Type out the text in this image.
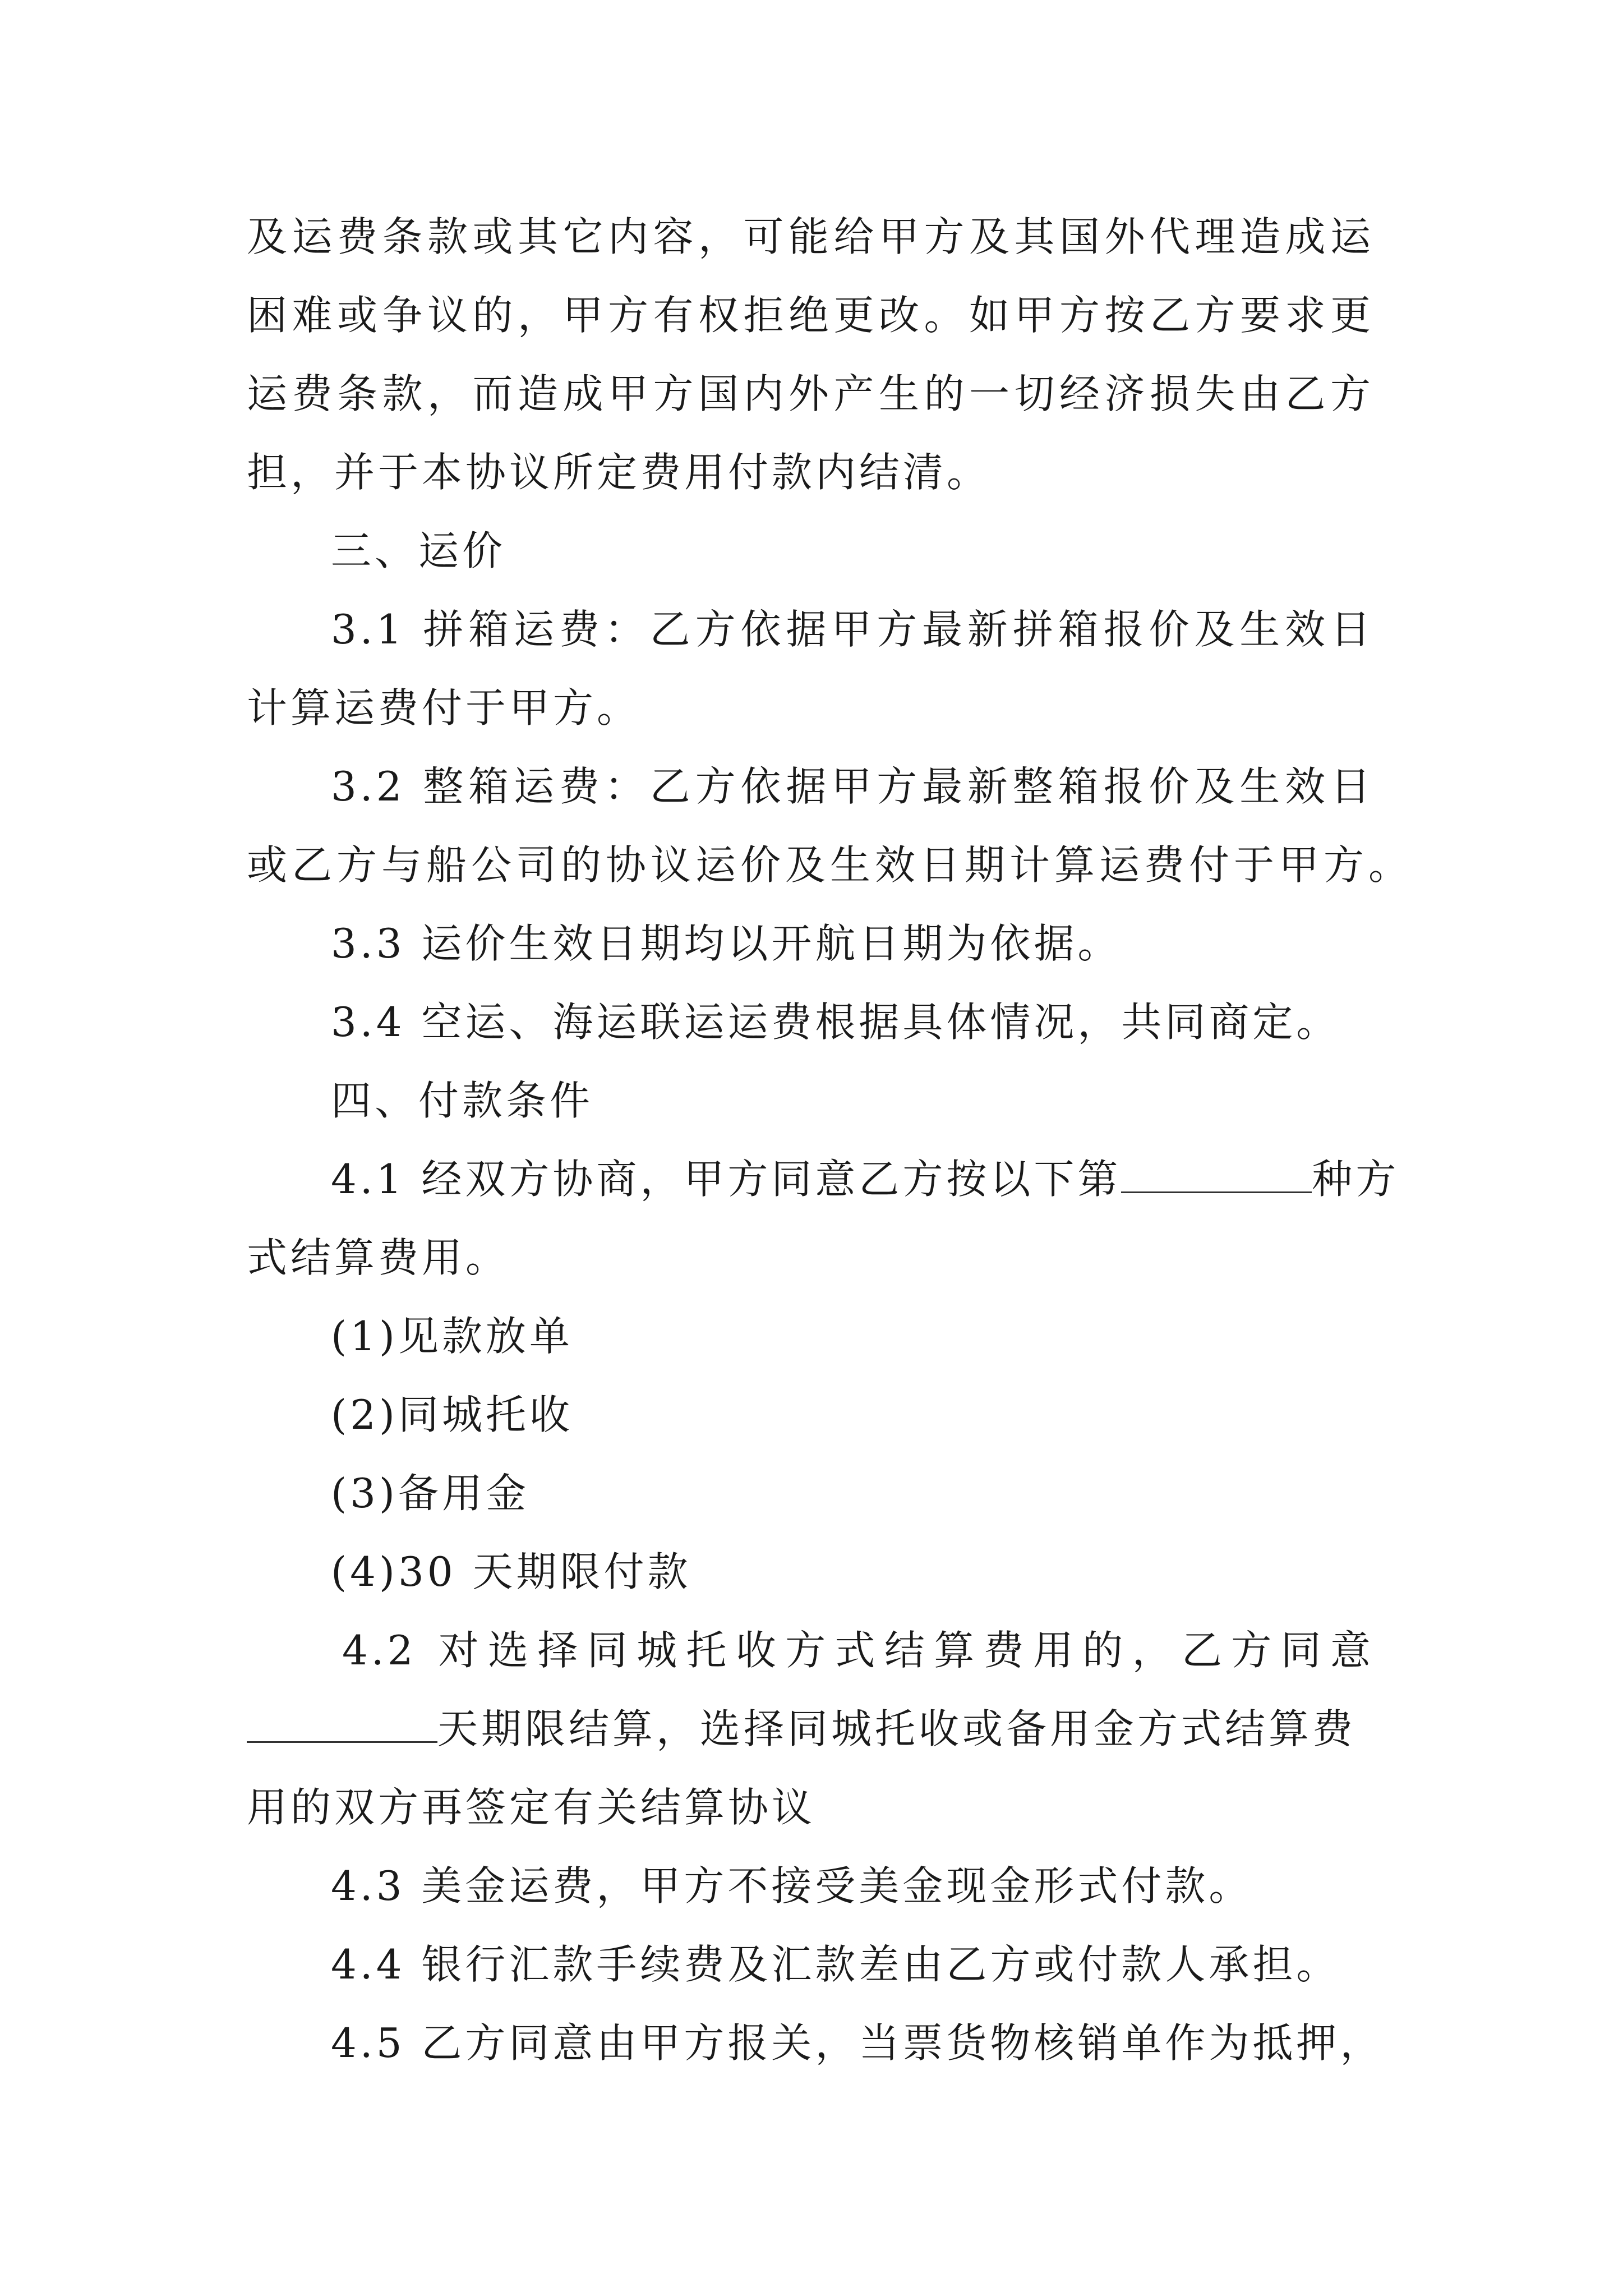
及运费条款或其它内容，可能给甲方及其国外代理造成运
困难或争议的，甲方有权拒绝更改。如甲方按乙方要求更
运费条款，而造成甲方国内外产生的一切经济损失由乙方
担，并于本协议所定费用付款内结清。
三、运价
3.1 拼箱运费：乙方依据甲方最新拼箱报价及生效日
计算运费付于甲方。
3.2 整箱运费：乙方依据甲方最新整箱报价及生效日
或乙方与船公司的协议运价及生效日期计算运费付于甲方。
3.3 运价生效日期均以开航日期为依据。
3.4 空运、海运联运运费根据具体情况，共同商定。
四、付款条件
4.1 经双方协商，甲方同意乙方按以下第	种方
式结算费用。
(1)见款放单
(2)同城托收
(3)备用金
(4)30 天期限付款
4.2 对选择同城托收方式结算费用的，乙方同意
天期限结算，选择同城托收或备用金方式结算费
用的双方再签定有关结算协议
4.3 美金运费，甲方不接受美金现金形式付款。
4.4 银行汇款手续费及汇款差由乙方或付款人承担。
4.5 乙方同意由甲方报关，当票货物核销单作为抵押，
